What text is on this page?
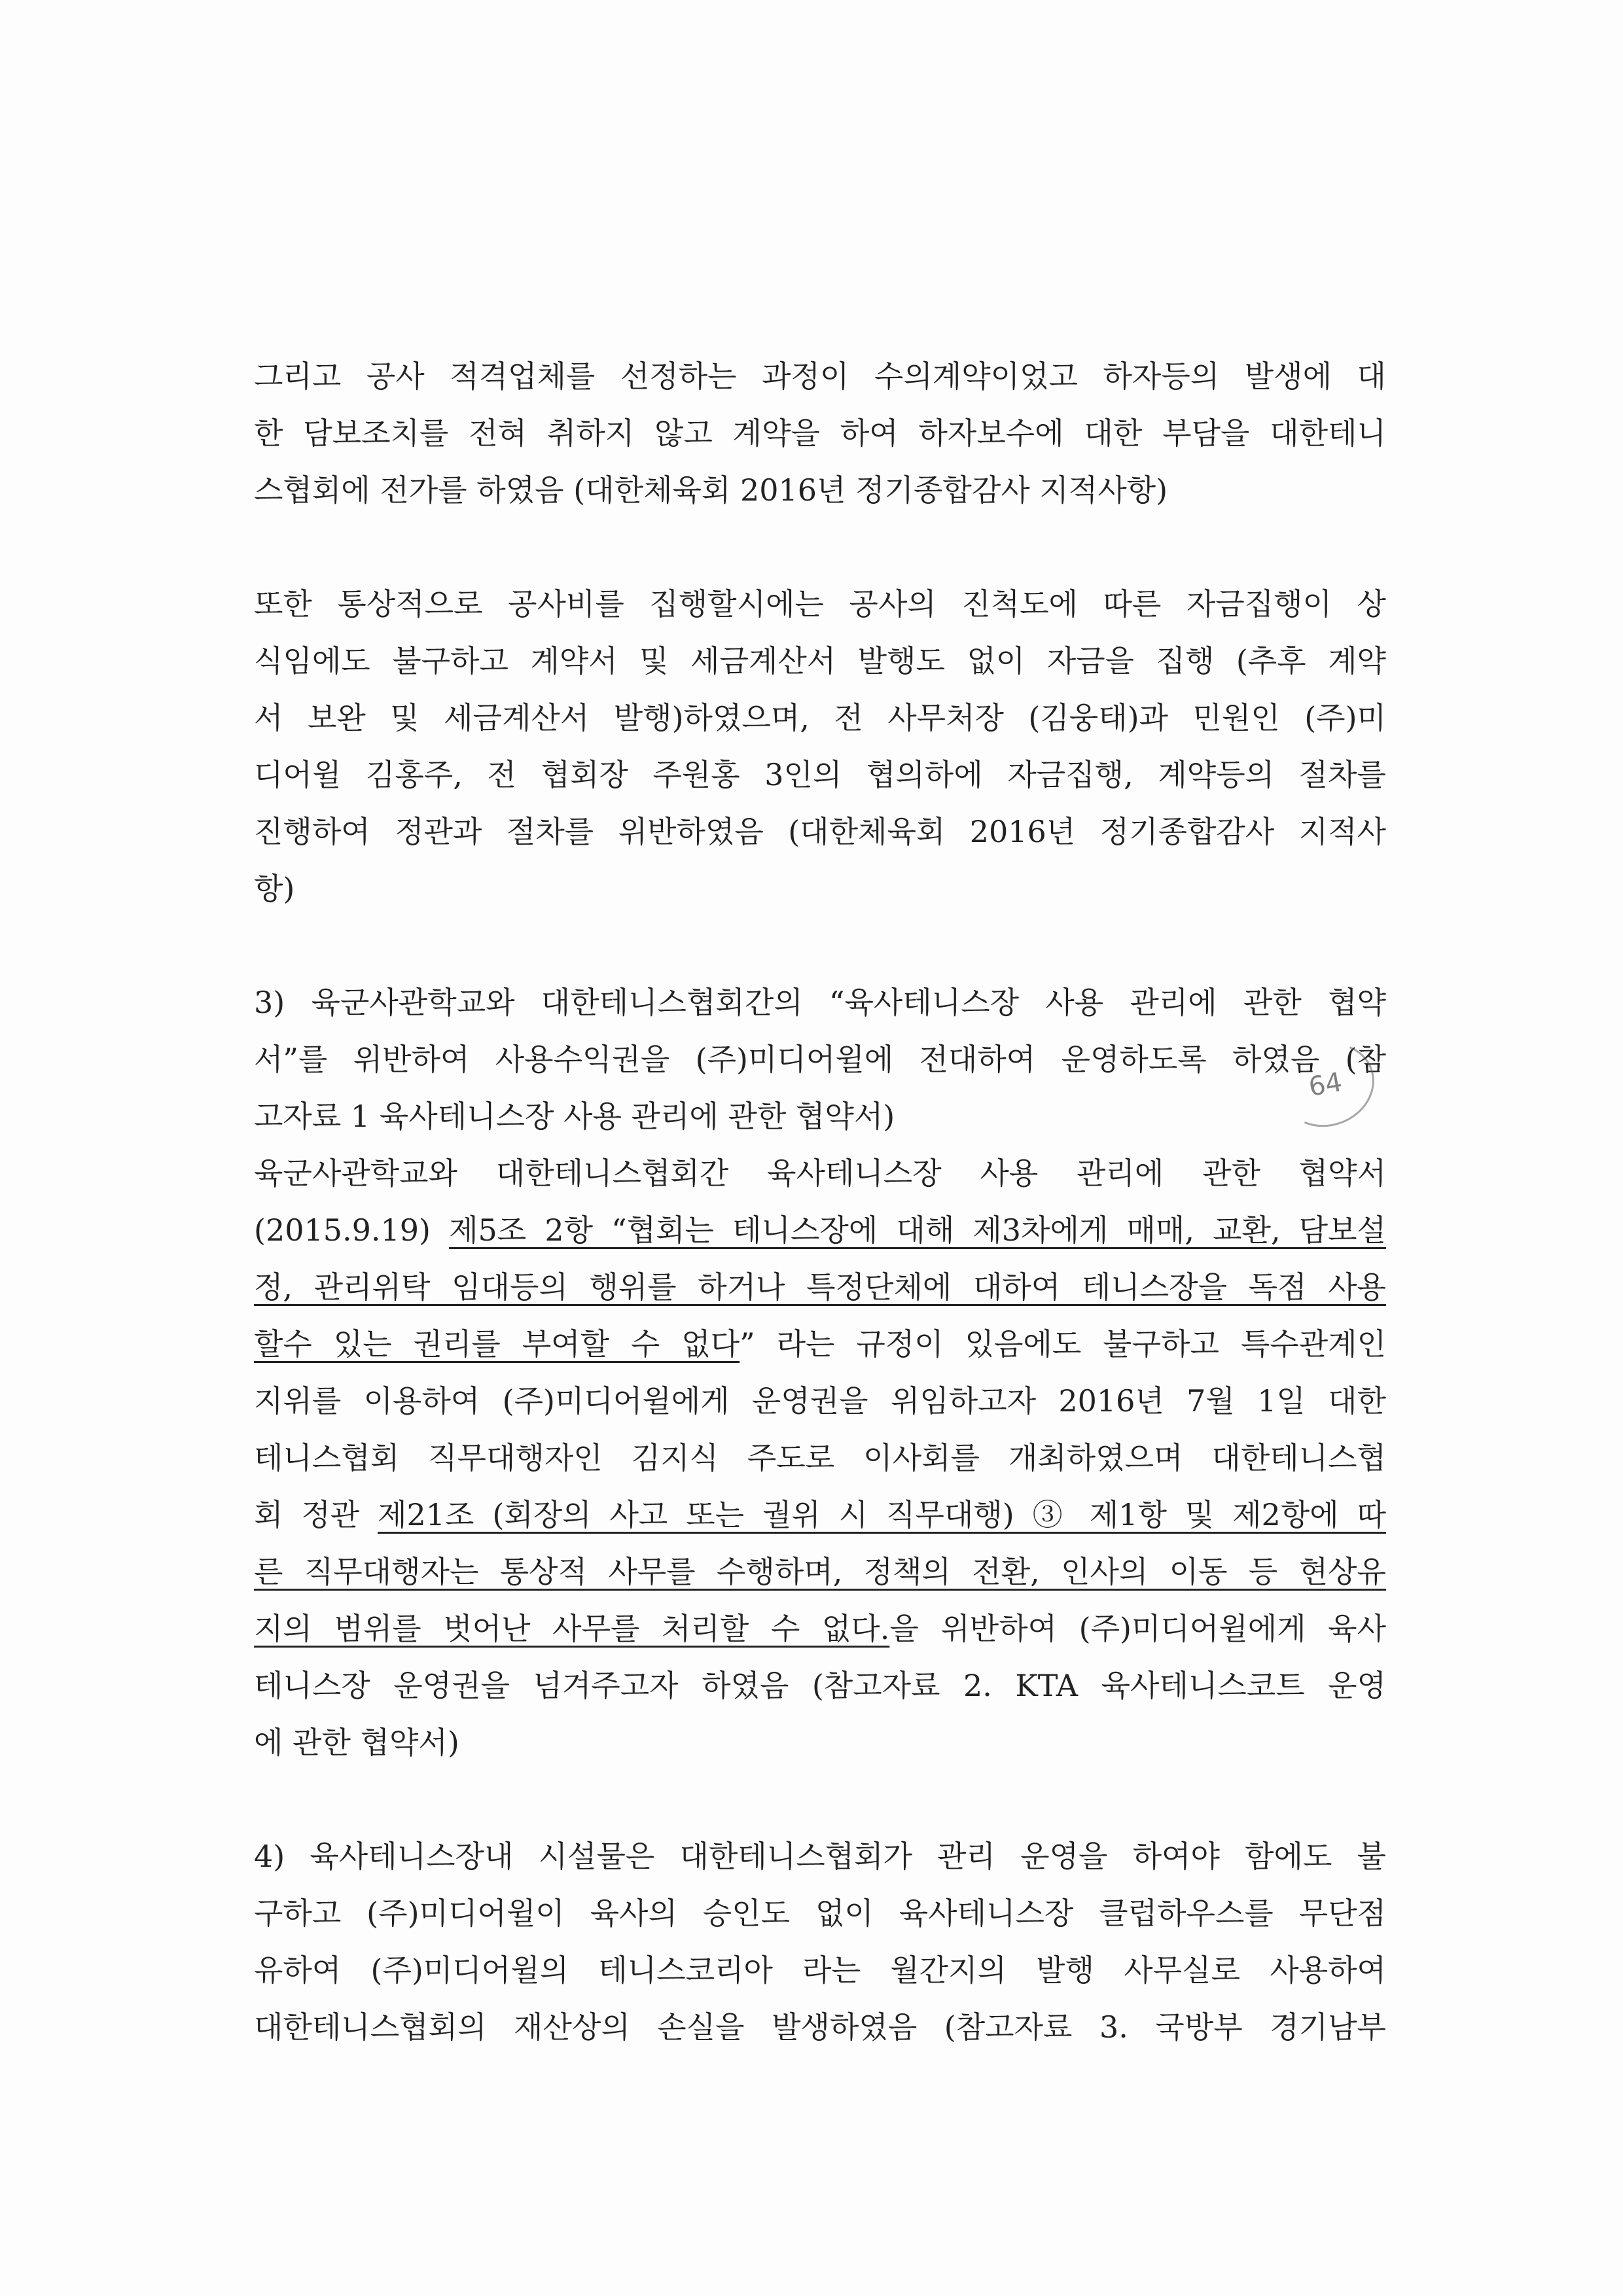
그리고 공사 적격업체를 선정하는 과정이 수의계약이었고 하자등의 발생에 대
한 담보조치를 전혀 취하지 않고 계약을 하여 하자보수에 대한 부담을 대한테니
스협회에 전가를 하였음 (대한체육회 2016년 정기종합감사 지적사항)
또한 통상적으로 공사비를 집행할시에는 공사의 진척도에 따른 자금집행이 상
식임에도 불구하고 계약서 및 세금계산서 발행도 없이 자금을 집행 (추후 계약
서 보완 및 세금계산서 발행)하였으며, 전 사무처장 (김웅태)과 민원인 (주)미
디어윌 김홍주, 전 협회장 주원홍 3인의 협의하에 자금집행, 계약등의 절차를
진행하여 정관과 절차를 위반하였음 (대한체육회 2016년 정기종합감사 지적사
항)
3) 육군사관학교와 대한테니스협회간의 “육사테니스장 사용 관리에 관한 협약
서”를 위반하여 사용수익권을 (주)미디어윌에 전대하여 운영하도록 하였음 (참
고자료 1 육사테니스장 사용 관리에 관한 협약서)
육군사관학교와 대한테니스협회간 육사테니스장 사용 관리에 관한 협약서
(2015.9.19) 제5조 2항 “협회는 테니스장에 대해 제3차에게 매매, 교환, 담보설
정, 관리위탁 임대등의 행위를 하거나 특정단체에 대하여 테니스장을 독점 사용
할수 있는 권리를 부여할 수 없다” 라는 규정이 있음에도 불구하고 특수관계인
지위를 이용하여 (주)미디어윌에게 운영권을 위임하고자 2016년 7월 1일 대한
테니스협회 직무대행자인 김지식 주도로 이사회를 개최하였으며 대한테니스협
회 정관 제21조 (회장의 사고 또는 궐위 시 직무대행) ③ 제1항 및 제2항에 따
른 직무대행자는 통상적 사무를 수행하며, 정책의 전환, 인사의 이동 등 현상유
지의 범위를 벗어난 사무를 처리할 수 없다.을 위반하여 (주)미디어윌에게 육사
테니스장 운영권을 넘겨주고자 하였음 (참고자료 2. KTA 육사테니스코트 운영
에 관한 협약서)
4) 육사테니스장내 시설물은 대한테니스협회가 관리 운영을 하여야 함에도 불
구하고 (주)미디어윌이 육사의 승인도 없이 육사테니스장 클럽하우스를 무단점
유하여 (주)미디어윌의 테니스코리아 라는 월간지의 발행 사무실로 사용하여
대한테니스협회의 재산상의 손실을 발생하였음 (참고자료 3. 국방부 경기남부
64
